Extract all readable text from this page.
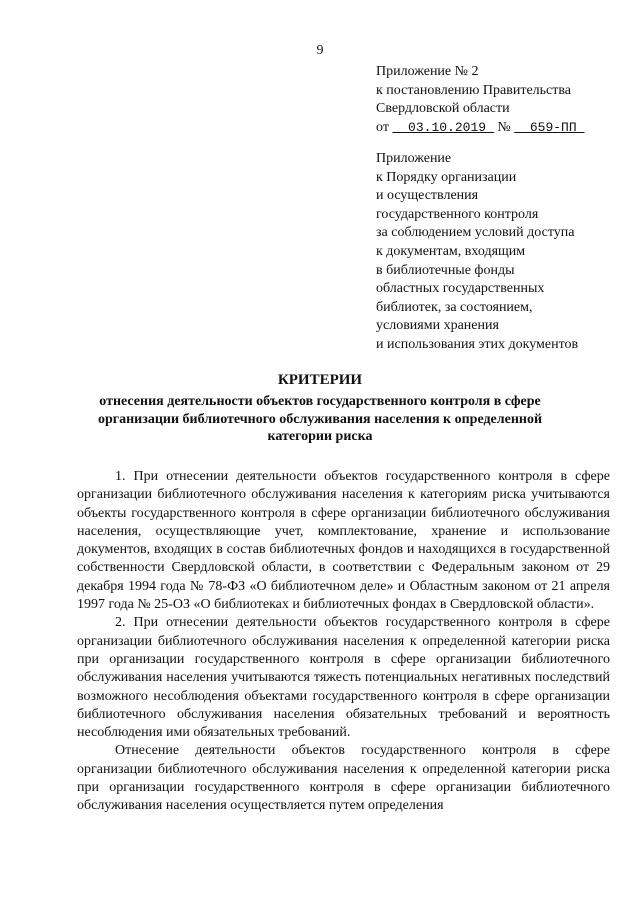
9
Приложение № 2
к постановлению Правительства
Свердловской области
от 03.10.2019 № 659-ПП
Приложение
к Порядку организации
и осуществления
государственного контроля
за соблюдением условий доступа
к документам, входящим
в библиотечные фонды
областных государственных
библиотек, за состоянием,
условиями хранения
и использования этих документов
КРИТЕРИИ
отнесения деятельности объектов государственного контроля в сфере
организации библиотечного обслуживания населения к определенной
категории риска

1. При отнесении деятельности объектов государственного контроля в сфере организации библиотечного обслуживания населения к категориям риска учитываются объекты государственного контроля в сфере организации библиотечного обслуживания населения, осуществляющие учет, комплектование, хранение и использование документов, входящих в состав библиотечных фондов и находящихся в государственной собственности Свердловской области, в соответствии с Федеральным законом от 29 декабря 1994 года № 78-ФЗ «О библиотечном деле» и Областным законом от 21 апреля 1997 года № 25-ОЗ «О библиотеках и библиотечных фондах в Свердловской области».

2. При отнесении деятельности объектов государственного контроля в сфере организации библиотечного обслуживания населения к определенной категории риска при организации государственного контроля в сфере организации библиотечного обслуживания населения учитываются тяжесть потенциальных негативных последствий возможного несоблюдения объектами государственного контроля в сфере организации библиотечного обслуживания населения обязательных требований и вероятность несоблюдения ими обязательных требований.

Отнесение деятельности объектов государственного контроля в сфере организации библиотечного обслуживания населения к определенной категории риска при организации государственного контроля в сфере организации библиотечного обслуживания населения осуществляется путем определения
